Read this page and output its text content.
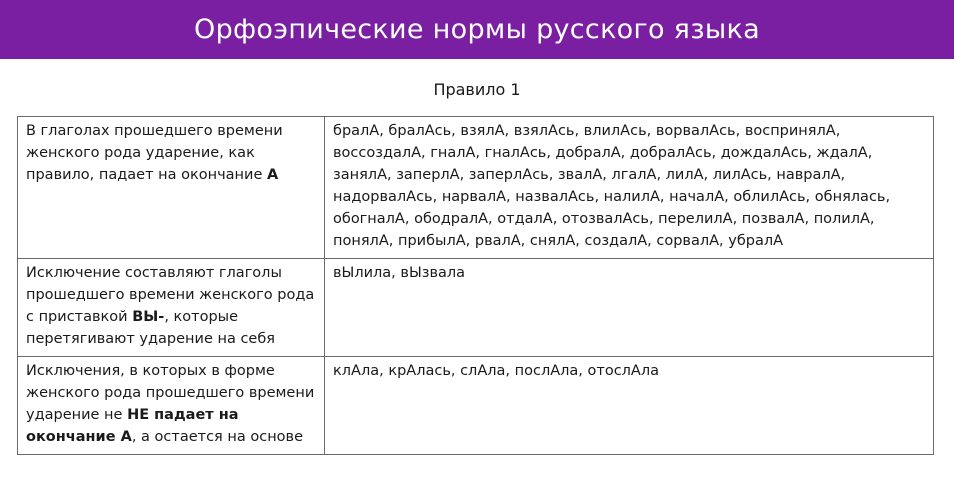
Орфоэпические нормы русского языка
Правило 1
В глаголах прошедшего времени женского рода ударение, как правило, падает на окончание А	бралА, бралАсь, взялА, взялАсь, влилАсь, ворвалАсь, воспринялА, воссоздалА, гналА, гналАсь, добралА, добралАсь, дождалАсь, ждалА, занялА, заперлА, заперлАсь, звалА, лгалА, лилА, лилАсь, навралА, надорвалАсь, нарвалА, назвалАсь, налилА, началА, облилАсь, обнялась, обогналА, ободралА, отдалА, отозвалАсь, перелилА, позвалА, полилА, понялА, прибылА, рвалА, снялА, создалА, сорвалА, убралА
Исключение составляют глаголы прошедшего времени женского рода с приставкой ВЫ-, которые перетягивают ударение на себя	вЫлила, вЫзвала
Исключения, в которых в форме женского рода прошедшего времени ударение не НЕ падает на окончание А, а остается на основе	клАла, крАлась, слАла, послАла, отослАла
